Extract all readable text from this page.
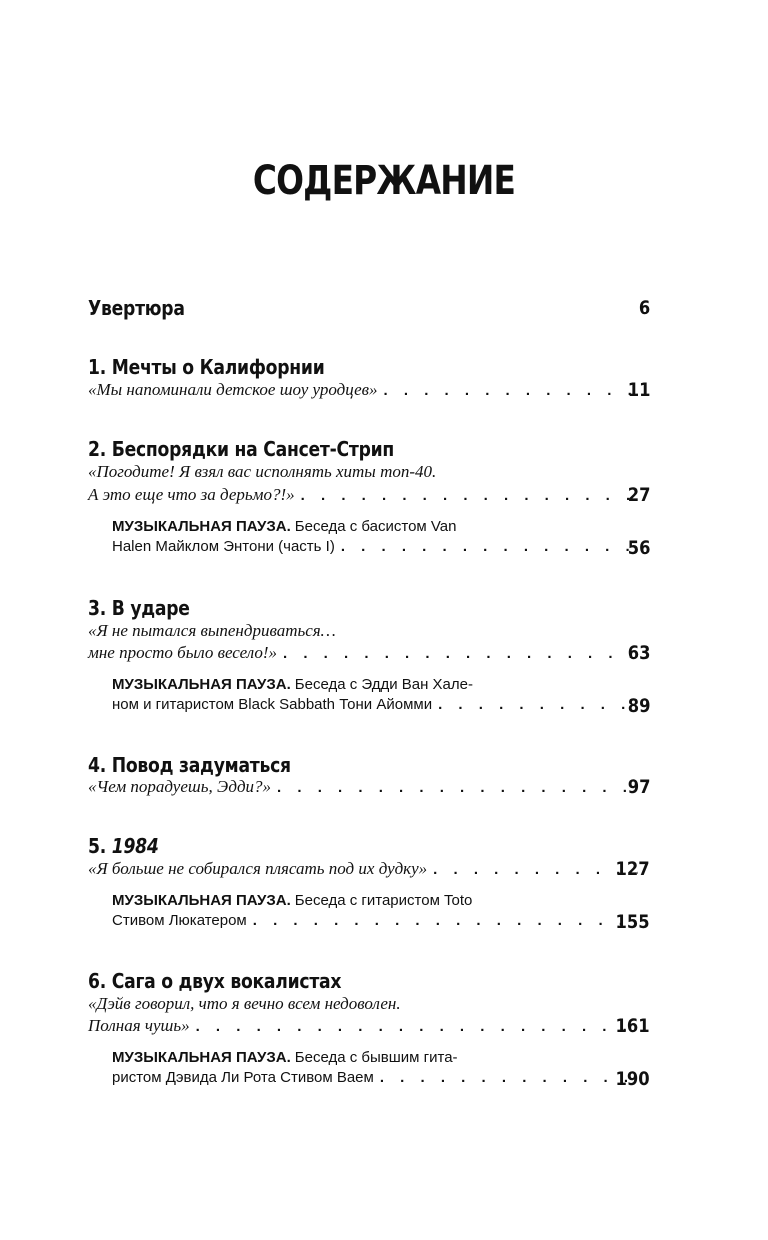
СОДЕРЖАНИЕ
Увертюра	6
1. Мечты о Калифорнии
«Мы напоминали детское шоу уродцев» . . .	11
2. Беспорядки на Сансет-Стрип
«Погодите! Я взял вас исполнять хиты топ-40.
А это еще что за дерьмо?!» . . .	27
МУЗЫКАЛЬНАЯ ПАУЗА. Беседа с басистом Van
Halen Майклом Энтони (часть I) . . .	56
3. В ударе
«Я не пытался выпендриваться…
мне просто было весело!» . . .	63
МУЗЫКАЛЬНАЯ ПАУЗА. Беседа с Эдди Ван Хале-
ном и гитаристом Black Sabbath Тони Айомми . . .	89
4. Повод задуматься
«Чем порадуешь, Эдди?» . . .	97
5. 1984
«Я больше не собирался плясать под их дудку» . . .	127
МУЗЫКАЛЬНАЯ ПАУЗА. Беседа с гитаристом Toto
Стивом Люкатером . . .	155
6. Сага о двух вокалистах
«Дэйв говорил, что я вечно всем недоволен.
Полная чушь» . . .	161
МУЗЫКАЛЬНАЯ ПАУЗА. Беседа с бывшим гита-
ристом Дэвида Ли Рота Стивом Ваем . . .	190
